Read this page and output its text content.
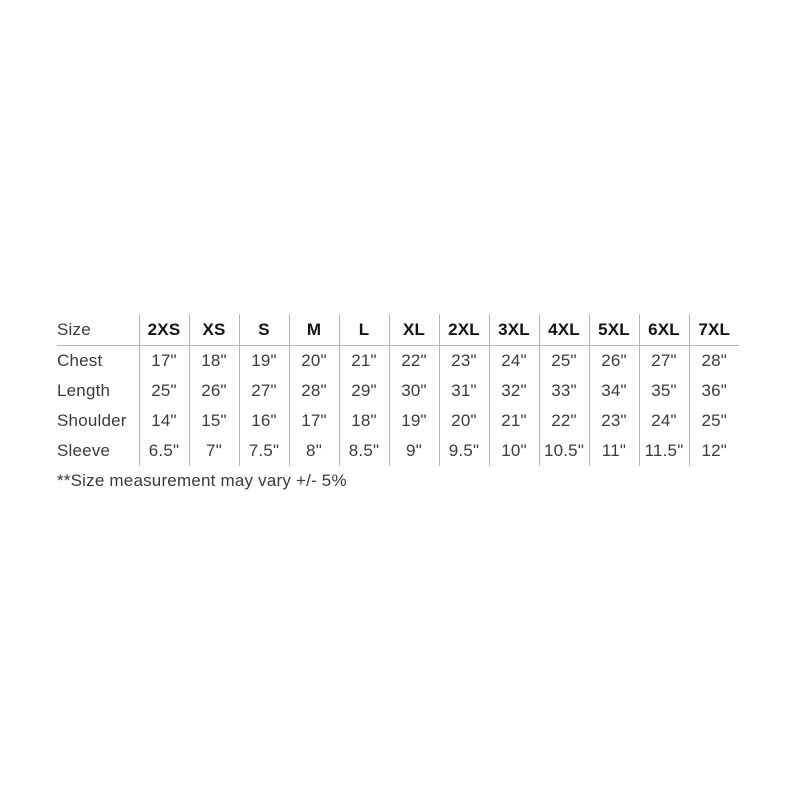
Size	2XS	XS	S	M	L	XL	2XL	3XL	4XL	5XL	6XL	7XL
Chest	17"	18"	19"	20"	21"	22"	23"	24"	25"	26"	27"	28"
Length	25"	26"	27"	28"	29"	30"	31"	32"	33"	34"	35"	36"
Shoulder	14"	15"	16"	17"	18"	19"	20"	21"	22"	23"	24"	25"
Sleeve	6.5"	7"	7.5"	8"	8.5"	9"	9.5"	10"	10.5"	11"	11.5"	12"

**Size measurement may vary +/- 5%
